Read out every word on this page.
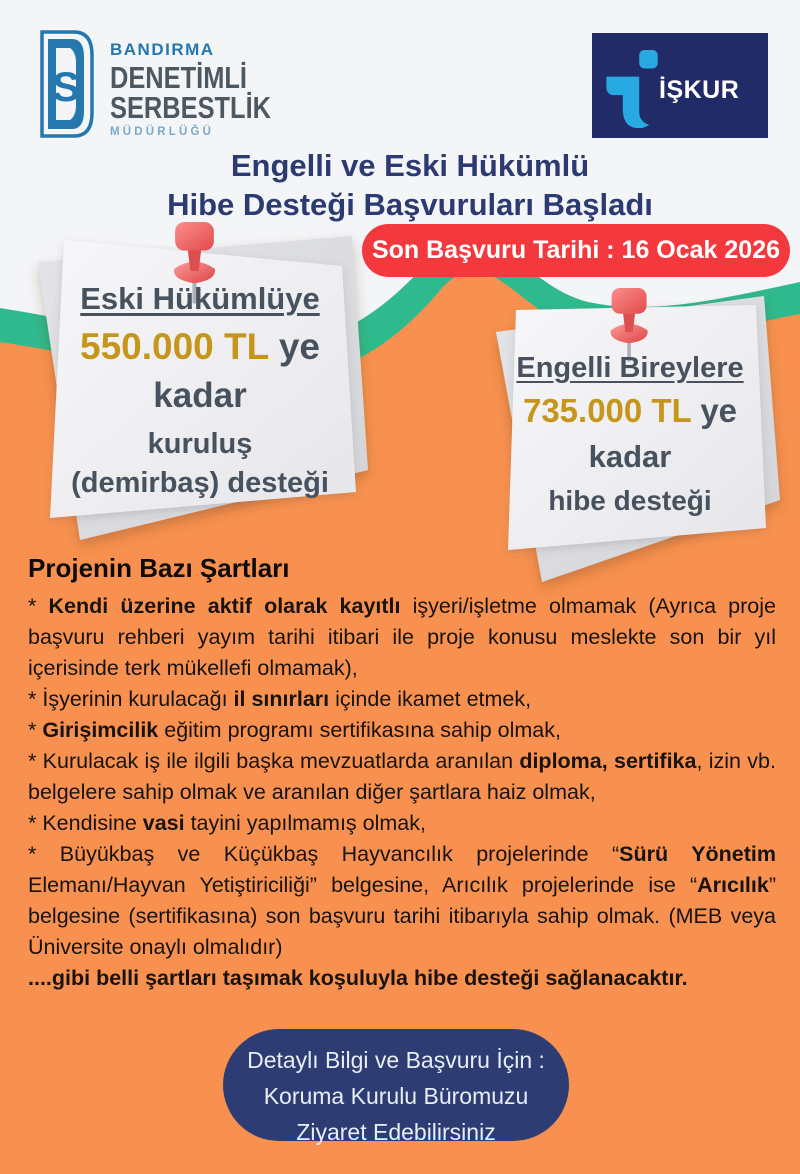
S
BANDIRMA
DENETİMLİ
SERBESTLİK
MÜDÜRLÜĞÜ
İŞKUR
Engelli ve Eski Hükümlü
Hibe Desteği Başvuruları Başladı
Son Başvuru Tarihi : 16 Ocak 2026
Eski Hükümlüye
550.000 TL ye
kadar
kuruluş
(demirbaş) desteği
Engelli Bireylere
735.000 TL ye
kadar
hibe desteği

Projenin Bazı Şartları

* Kendi üzerine aktif olarak kayıtlı işyeri/işletme olmamak (Ayrıca proje başvuru rehberi yayım tarihi itibari ile proje konusu meslekte son bir yıl içerisinde terk mükellefi olmamak),

* İşyerinin kurulacağı il sınırları içinde ikamet etmek,

* Girişimcilik eğitim programı sertifikasına sahip olmak,

* Kurulacak iş ile ilgili başka mevzuatlarda aranılan diploma, sertifika, izin vb. belgelere sahip olmak ve aranılan diğer şartlara haiz olmak,

* Kendisine vasi tayini yapılmamış olmak,

* Büyükbaş ve Küçükbaş Hayvancılık projelerinde “Sürü Yönetim Elemanı/Hayvan Yetiştiriciliği” belgesine, Arıcılık projelerinde ise “Arıcılık” belgesine (sertifikasına) son başvuru tarihi itibarıyla sahip olmak. (MEB veya Üniversite onaylı olmalıdır)

....gibi belli şartları taşımak koşuluyla hibe desteği sağlanacaktır.

Detaylı Bilgi ve Başvuru İçin :
Koruma Kurulu Büromuzu
Ziyaret Edebilirsiniz
